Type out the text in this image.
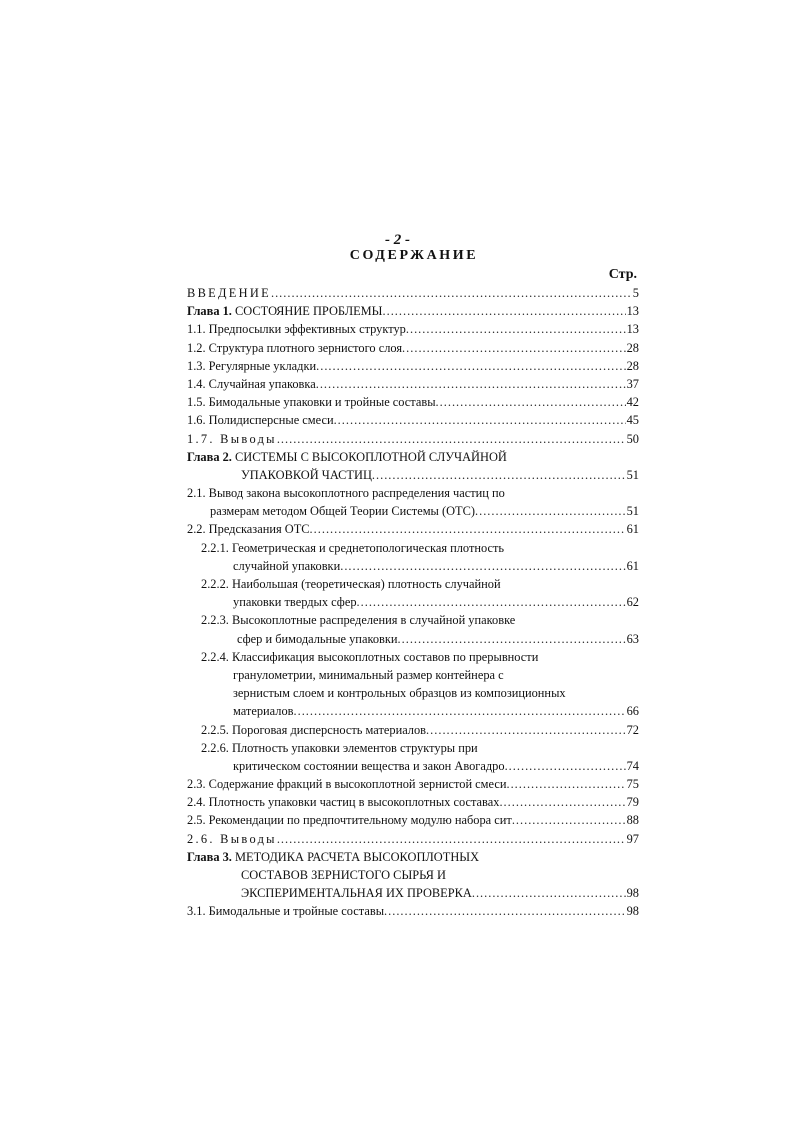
- 2 -
СОДЕРЖАНИЕ
Стр.
ВВЕДЕНИЕ .....	5
Глава 1. СОСТОЯНИЕ ПРОБЛЕМЫ .....	13
1.1. Предпосылки эффективных структур .....	13
1.2. Структура плотного зернистого слоя .....	28
1.3. Регулярные укладки .....	28
1.4. Случайная упаковка .....	37
1.5. Бимодальные упаковки и тройные составы .....	42
1.6. Полидисперсные смеси .....	45
1.7. Выводы .....	50
Глава 2. СИСТЕМЫ С ВЫСОКОПЛОТНОЙ СЛУЧАЙНОЙ
УПАКОВКОЙ ЧАСТИЦ .....	51
2.1. Вывод закона высокоплотного распределения частиц по
размерам методом Общей Теории Системы (ОТС) .....	51
2.2. Предсказания ОТС .....	61
2.2.1. Геометрическая и среднетопологическая плотность
случайной упаковки .....	61
2.2.2. Наибольшая (теоретическая) плотность случайной
упаковки твердых сфер .....	62
2.2.3. Высокоплотные распределения в случайной упаковке
сфер и бимодальные упаковки .....	63
2.2.4. Классификация высокоплотных составов по прерывности
гранулометрии, минимальный размер контейнера с
зернистым слоем и контрольных образцов из композиционных
материалов .....	66
2.2.5. Пороговая дисперсность материалов .....	72
2.2.6. Плотность упаковки элементов структуры при
критическом состоянии вещества и закон Авогадро .....	74
2.3. Содержание фракций в высокоплотной зернистой смеси .....	75
2.4. Плотность упаковки частиц в высокоплотных составах .....	79
2.5. Рекомендации по предпочтительному модулю набора сит .....	88
2.6. Выводы .....	97
Глава 3. МЕТОДИКА РАСЧЕТА ВЫСОКОПЛОТНЫХ
СОСТАВОВ ЗЕРНИСТОГО СЫРЬЯ И
ЭКСПЕРИМЕНТАЛЬНАЯ ИХ ПРОВЕРКА .....	98
3.1. Бимодальные и тройные составы .....	98
